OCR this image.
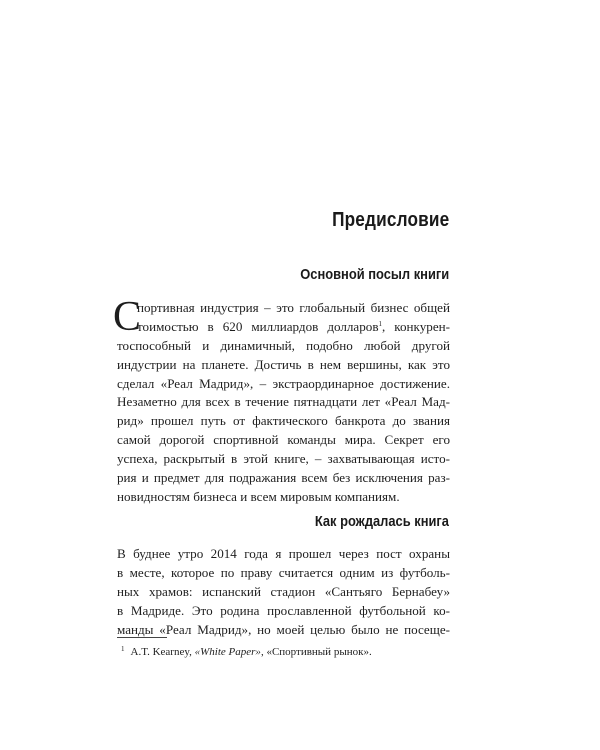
Предисловие
Основной посыл книги
С
портивная индустрия – это глобальный бизнес общей
тоимостью в 620 миллиардов долларов$^1$, конкурен-
тоспособный и динамичный, подобно любой другой
индустрии на планете. Достичь в нем вершины, как это
сделал «Реал Мадрид», – экстраординарное достижение.
Незаметно для всех в течение пятнадцати лет «Реал Мад-
рид» прошел путь от фактического банкрота до звания
самой дорогой спортивной команды мира. Секрет его
успеха, раскрытый в этой книге, – захватывающая исто-
рия и предмет для подражания всем без исключения раз-
новидностям бизнеса и всем мировым компаниям.
Как рождалась книга
В буднее утро 2014 года я прошел через пост охраны
в месте, которое по праву считается одним из футболь-
ных храмов: испанский стадион «Сантьяго Бернабеу»
в Мадриде. Это родина прославленной футбольной ко-
манды «Реал Мадрид», но моей целью было не посеще-
$^1$ A.T. Kearney, «White Paper», «Спортивный рынок».
